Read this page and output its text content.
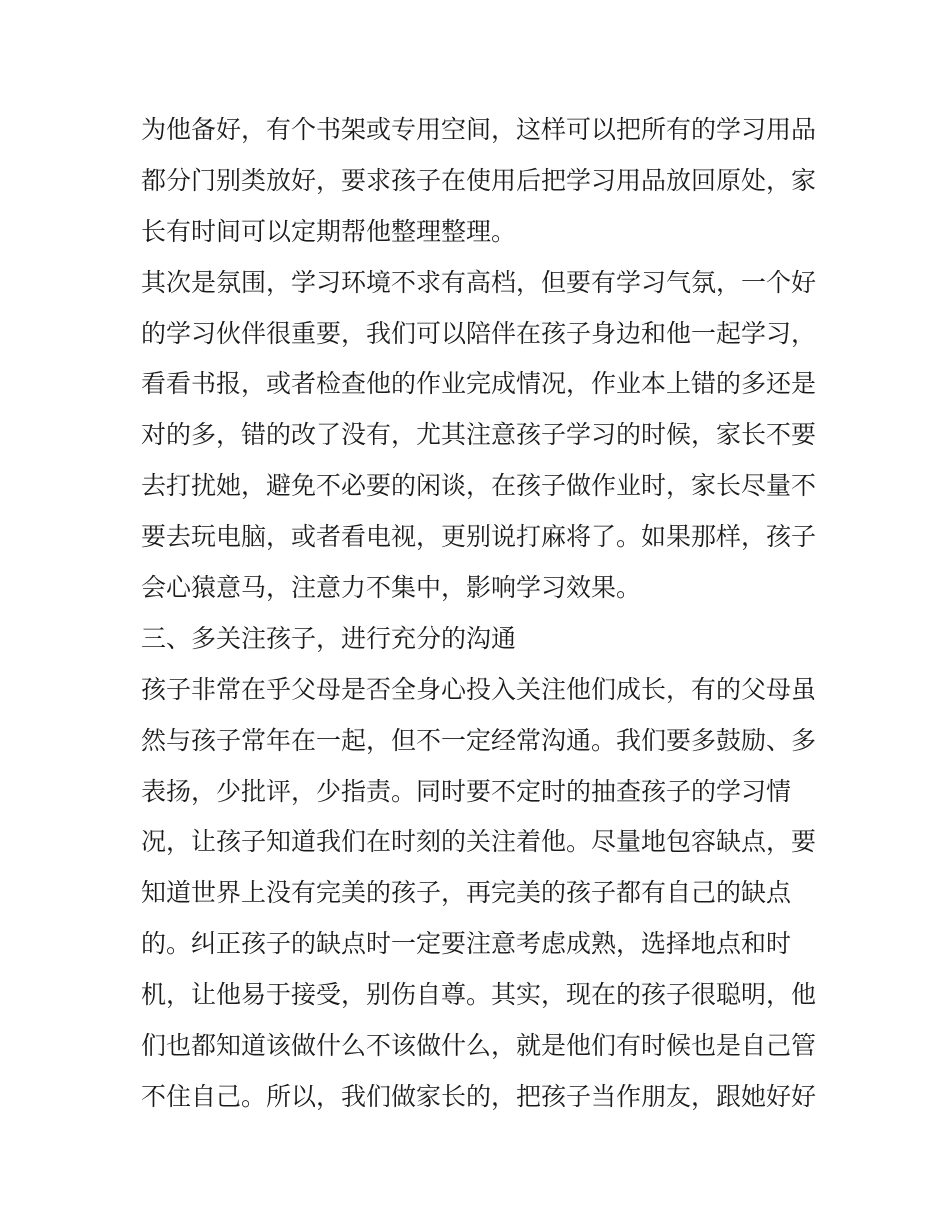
为他备好，有个书架或专用空间，这样可以把所有的学习用品
都分门别类放好，要求孩子在使用后把学习用品放回原处，家
长有时间可以定期帮他整理整理。
其次是氛围，学习环境不求有高档，但要有学习气氛，一个好
的学习伙伴很重要，我们可以陪伴在孩子身边和他一起学习，
看看书报，或者检查他的作业完成情况，作业本上错的多还是
对的多，错的改了没有，尤其注意孩子学习的时候，家长不要
去打扰她，避免不必要的闲谈，在孩子做作业时，家长尽量不
要去玩电脑，或者看电视，更别说打麻将了。如果那样，孩子
会心猿意马，注意力不集中，影响学习效果。
三、多关注孩子，进行充分的沟通
孩子非常在乎父母是否全身心投入关注他们成长，有的父母虽
然与孩子常年在一起，但不一定经常沟通。我们要多鼓励、多
表扬，少批评，少指责。同时要不定时的抽查孩子的学习情
况，让孩子知道我们在时刻的关注着他。尽量地包容缺点，要
知道世界上没有完美的孩子，再完美的孩子都有自己的缺点
的。纠正孩子的缺点时一定要注意考虑成熟，选择地点和时
机，让他易于接受，别伤自尊。其实，现在的孩子很聪明，他
们也都知道该做什么不该做什么，就是他们有时候也是自己管
不住自己。所以，我们做家长的，把孩子当作朋友，跟她好好
